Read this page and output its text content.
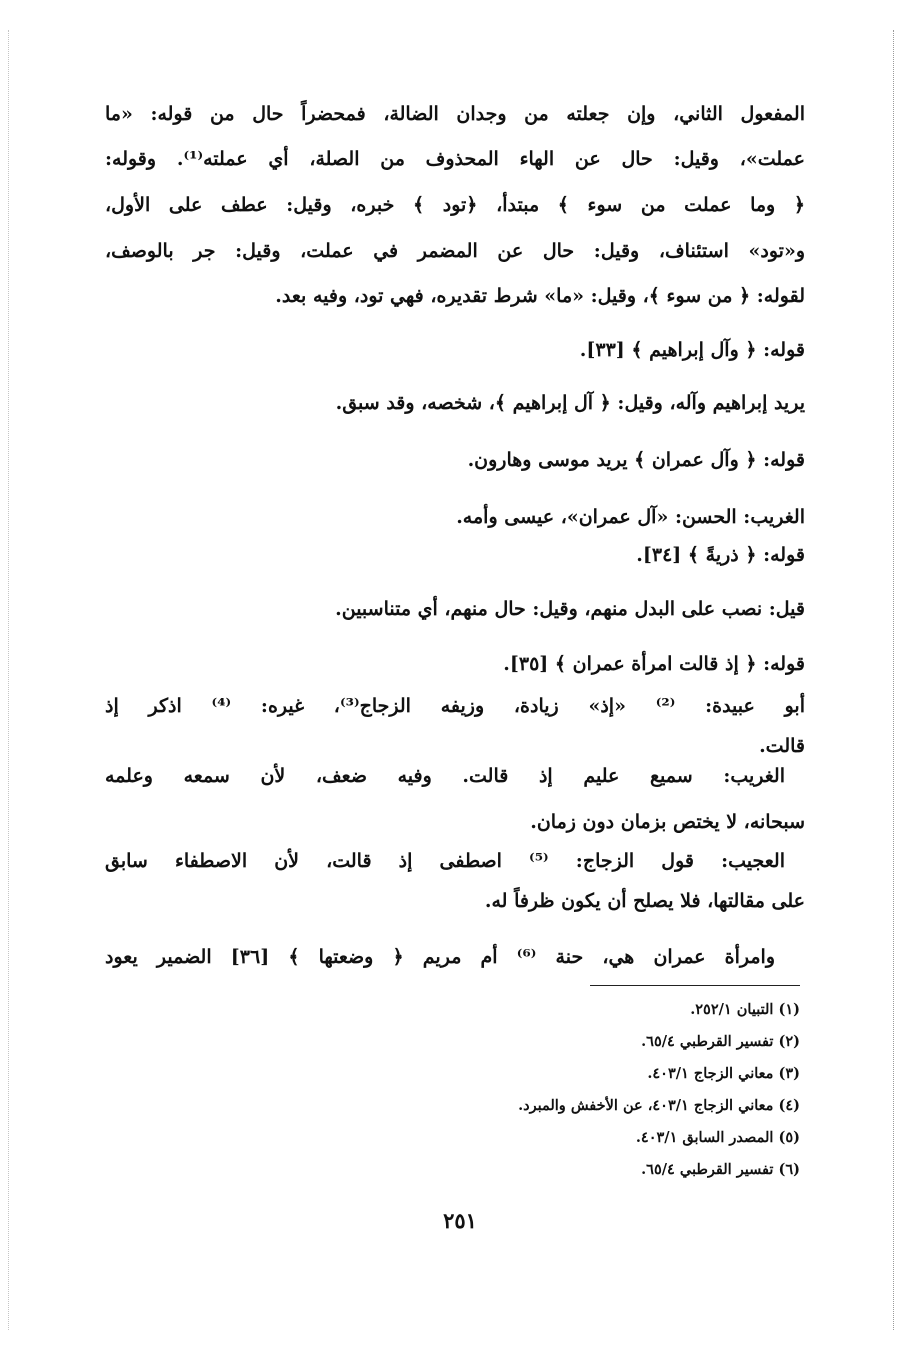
المفعول الثاني، وإن جعلته من وجدان الضالة، فمحضراً حال من قوله: «ما
عملت»، وقيل: حال عن الهاء المحذوف من الصلة، أي عملته⁽¹⁾. وقوله:
﴿ وما عملت من سوء ﴾ مبتدأ، ﴿تود ﴾ خبره، وقيل: عطف على الأول،
و«تود» استئناف، وقيل: حال عن المضمر في عملت، وقيل: جر بالوصف،
لقوله: ﴿ من سوء ﴾، وقيل: «ما» شرط تقديره، فهي تود، وفيه بعد.
قوله: ﴿ وآل إبراهيم ﴾ [٣٣].
يريد إبراهيم وآله، وقيل: ﴿ آل إبراهيم ﴾، شخصه، وقد سبق.
قوله: ﴿ وآل عمران ﴾ يريد موسى وهارون.
الغريب: الحسن: «آل عمران»، عيسى وأمه.
قوله: ﴿ ذريةً ﴾ [٣٤].
قيل: نصب على البدل منهم، وقيل: حال منهم، أي متناسبين.
قوله: ﴿ إذ قالت امرأة عمران ﴾ [٣٥].
أبو عبيدة: ⁽²⁾ «إذ» زيادة، وزيفه الزجاج⁽³⁾، غيره: ⁽⁴⁾ اذكر إذ
قالت.
الغريب: سميع عليم إذ قالت. وفيه ضعف، لأن سمعه وعلمه
سبحانه، لا يختص بزمان دون زمان.
العجيب: قول الزجاج: ⁽⁵⁾ اصطفى إذ قالت، لأن الاصطفاء سابق
على مقالتها، فلا يصلح أن يكون ظرفاً له.
وامرأة عمران هي، حنة ⁽⁶⁾ أم مريم ﴿ وضعتها ﴾ [٣٦] الضمير يعود
(١) التبيان ٢٥٢/١.
(٢) تفسير القرطبي ٦٥/٤.
(٣) معاني الزجاج ٤٠٣/١.
(٤) معاني الزجاج ٤٠٣/١، عن الأخفش والمبرد.
(٥) المصدر السابق ٤٠٣/١.
(٦) تفسير القرطبي ٦٥/٤.
٢٥١
